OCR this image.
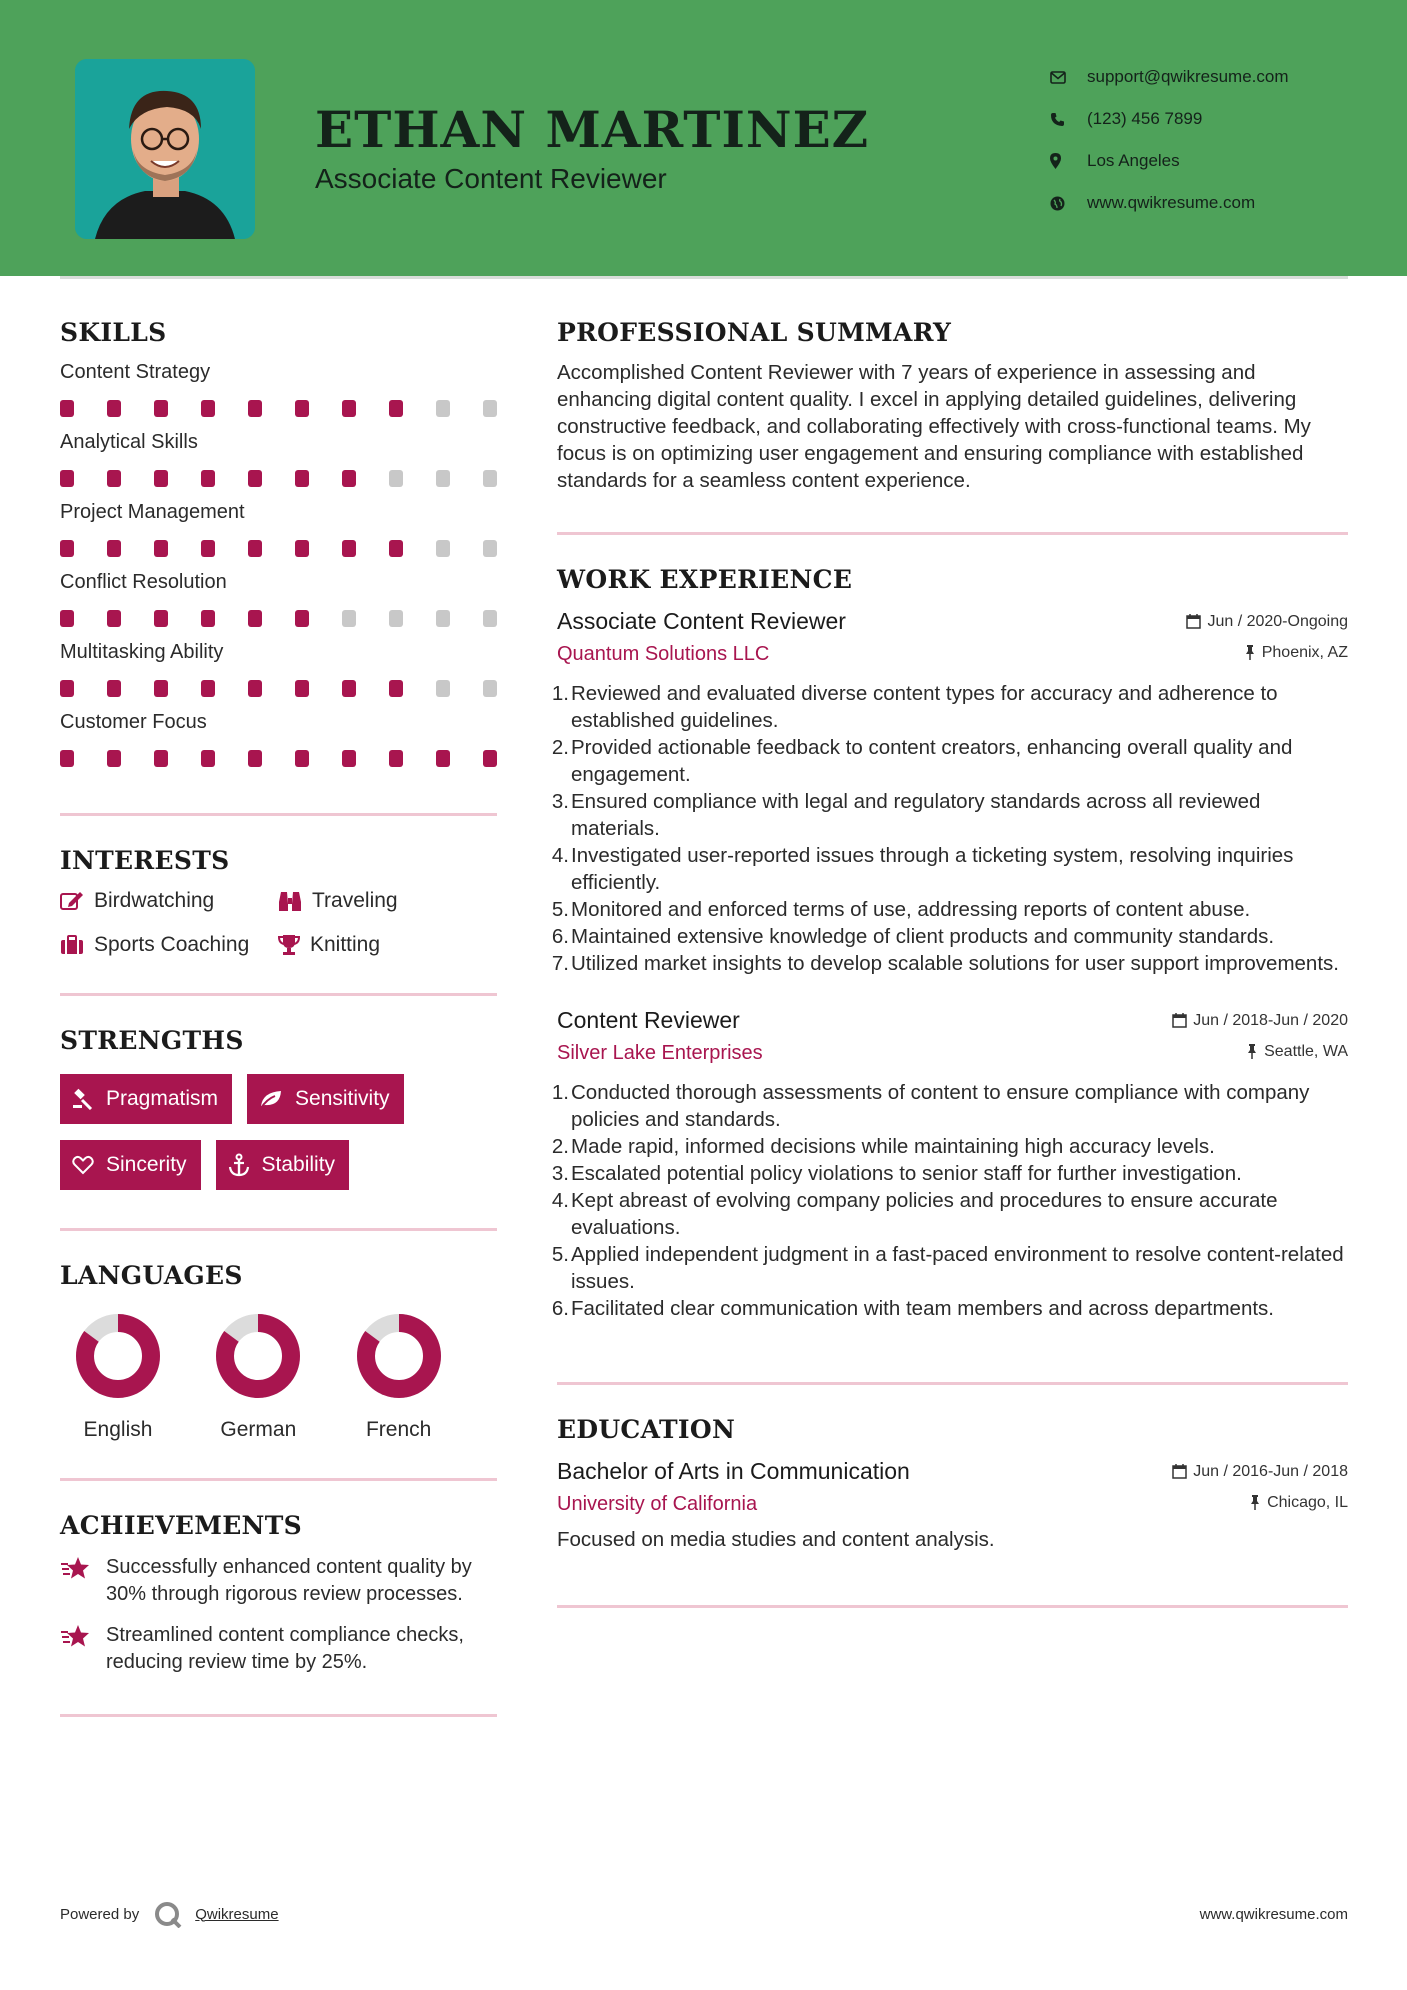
ETHAN MARTINEZ
Associate Content Reviewer
support@qwikresume.com
(123) 456 7899
Los Angeles
www.qwikresume.com
SKILLS
Content Strategy
Analytical Skills
Project Management
Conflict Resolution
Multitasking Ability
Customer Focus
INTERESTS
Birdwatching	Traveling
Sports Coaching	Knitting
STRENGTHS
Pragmatism	Sensitivity
Sincerity	Stability
LANGUAGES
English	German	French
ACHIEVEMENTS
Successfully enhanced content quality by 30% through rigorous review processes.
Streamlined content compliance checks, reducing review time by 25%.
PROFESSIONAL SUMMARY
Accomplished Content Reviewer with 7 years of experience in assessing and enhancing digital content quality. I excel in applying detailed guidelines, delivering constructive feedback, and collaborating effectively with cross-functional teams. My focus is on optimizing user engagement and ensuring compliance with established standards for a seamless content experience.
WORK EXPERIENCE
Associate Content Reviewer	Jun / 2020-Ongoing
Quantum Solutions LLC	Phoenix, AZ
1. Reviewed and evaluated diverse content types for accuracy and adherence to established guidelines.
2. Provided actionable feedback to content creators, enhancing overall quality and engagement.
3. Ensured compliance with legal and regulatory standards across all reviewed materials.
4. Investigated user-reported issues through a ticketing system, resolving inquiries efficiently.
5. Monitored and enforced terms of use, addressing reports of content abuse.
6. Maintained extensive knowledge of client products and community standards.
7. Utilized market insights to develop scalable solutions for user support improvements.
Content Reviewer	Jun / 2018-Jun / 2020
Silver Lake Enterprises	Seattle, WA
1. Conducted thorough assessments of content to ensure compliance with company policies and standards.
2. Made rapid, informed decisions while maintaining high accuracy levels.
3. Escalated potential policy violations to senior staff for further investigation.
4. Kept abreast of evolving company policies and procedures to ensure accurate evaluations.
5. Applied independent judgment in a fast-paced environment to resolve content-related issues.
6. Facilitated clear communication with team members and across departments.
EDUCATION
Bachelor of Arts in Communication	Jun / 2016-Jun / 2018
University of California	Chicago, IL
Focused on media studies and content analysis.
Powered by	Qwikresume	www.qwikresume.com
